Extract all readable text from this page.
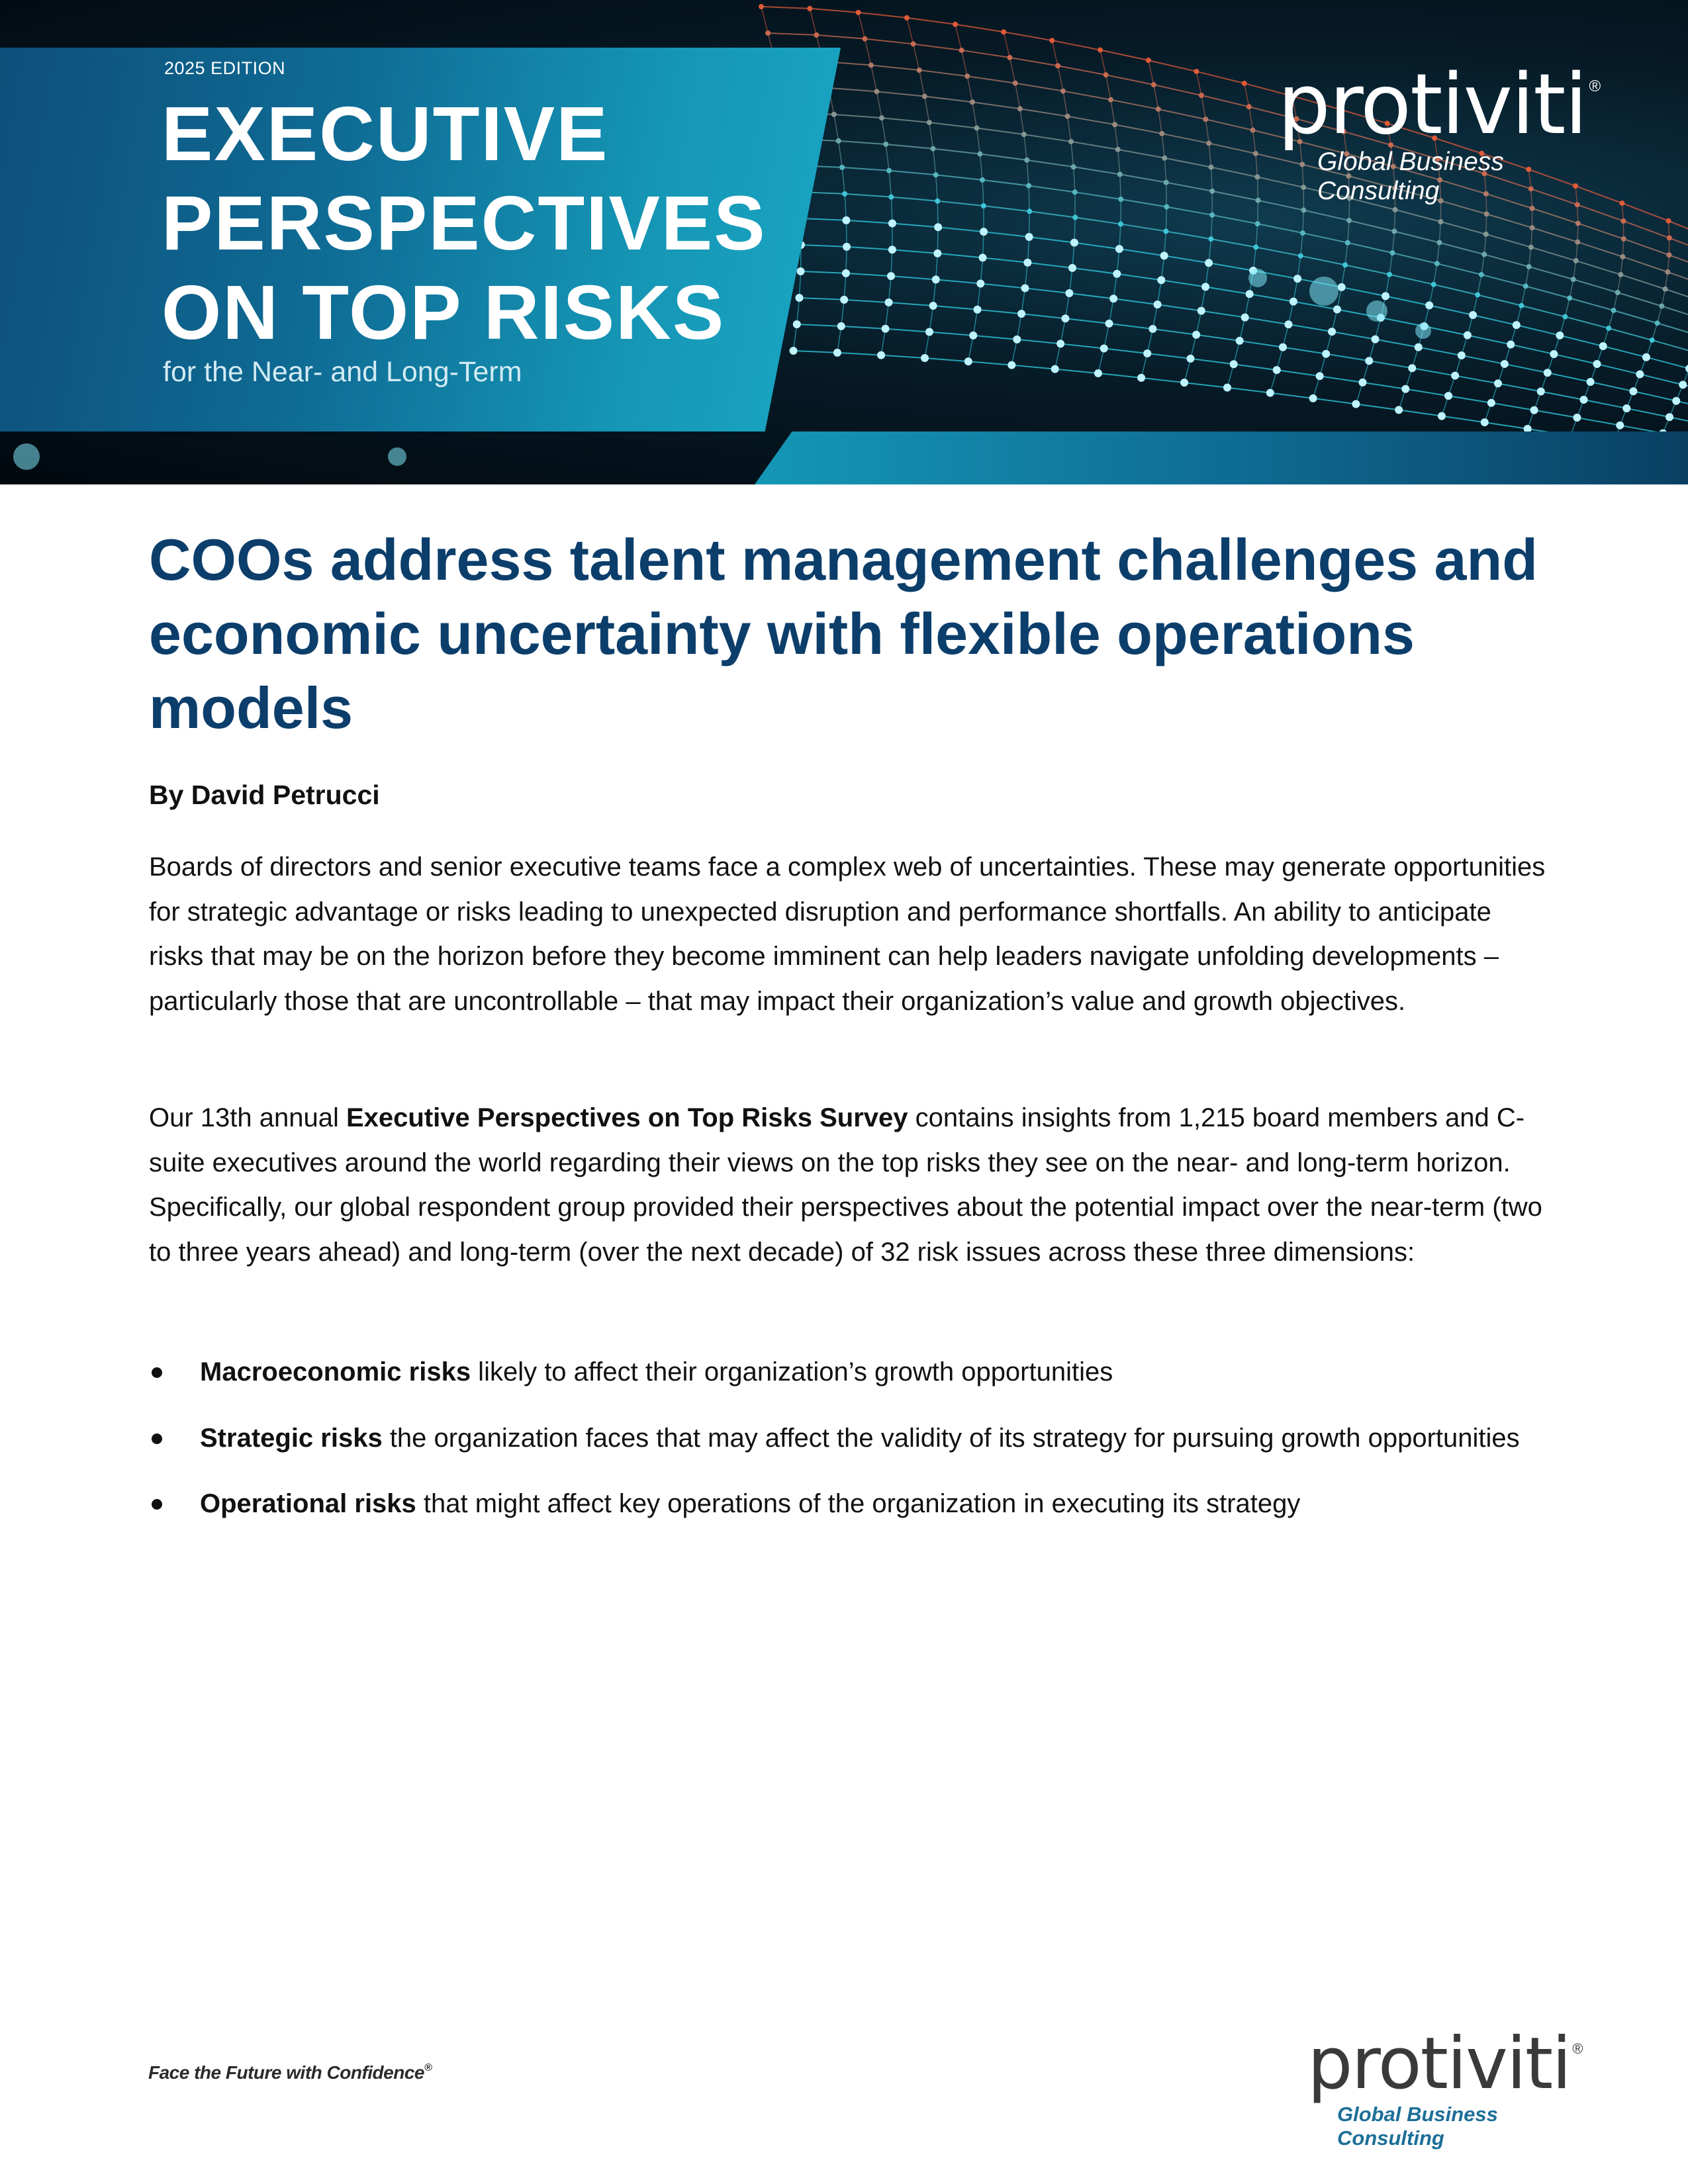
2025 EDITION
EXECUTIVE
PERSPECTIVES
ON TOP RISKS
for the Near- and Long-Term
protiviti ®
Global Business Consulting
COOs address talent management challenges and economic uncertainty with flexible operations models

By David Petrucci

Boards of directors and senior executive teams face a complex web of uncertainties. These may generate opportunities for strategic advantage or risks leading to unexpected disruption and performance shortfalls. An ability to anticipate risks that may be on the horizon before they become imminent can help leaders navigate unfolding developments – particularly those that are uncontrollable – that may impact their organization’s value and growth objectives.

Our 13th annual Executive Perspectives on Top Risks Survey contains insights from 1,215 board members and C-suite executives around the world regarding their views on the top risks they see on the near- and long-term horizon. Specifically, our global respondent group provided their perspectives about the potential impact over the near-term (two to three years ahead) and long-term (over the next decade) of 32 risk issues across these three dimensions:

Macroeconomic risks likely to affect their organization’s growth opportunities
Strategic risks the organization faces that may affect the validity of its strategy for pursuing growth opportunities
Operational risks that might affect key operations of the organization in executing its strategy
Face the Future with Confidence®	protiviti ®
Global Business Consulting
